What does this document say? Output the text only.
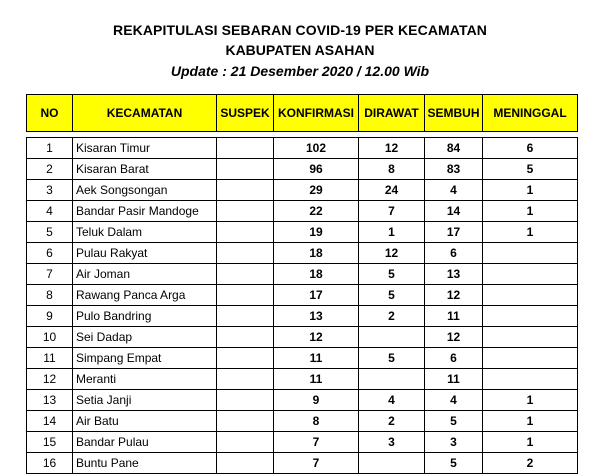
REKAPITULASI SEBARAN COVID-19 PER KECAMATAN
KABUPATEN ASAHAN
Update : 21 Desember 2020 / 12.00 Wib
NO	KECAMATAN	SUSPEK	KONFIRMASI	DIRAWAT	SEMBUH	MENINGGAL

1	Kisaran Timur		102	12	84	6
2	Kisaran Barat		96	8	83	5
3	Aek Songsongan		29	24	4	1
4	Bandar Pasir Mandoge		22	7	14	1
5	Teluk Dalam		19	1	17	1
6	Pulau Rakyat		18	12	6	
7	Air Joman		18	5	13	
8	Rawang Panca Arga		17	5	12	
9	Pulo Bandring		13	2	11	
10	Sei Dadap		12		12	
11	Simpang Empat		11	5	6	
12	Meranti		11		11	
13	Setia Janji		9	4	4	1
14	Air Batu		8	2	5	1
15	Bandar Pulau		7	3	3	1
16	Buntu Pane		7		5	2
